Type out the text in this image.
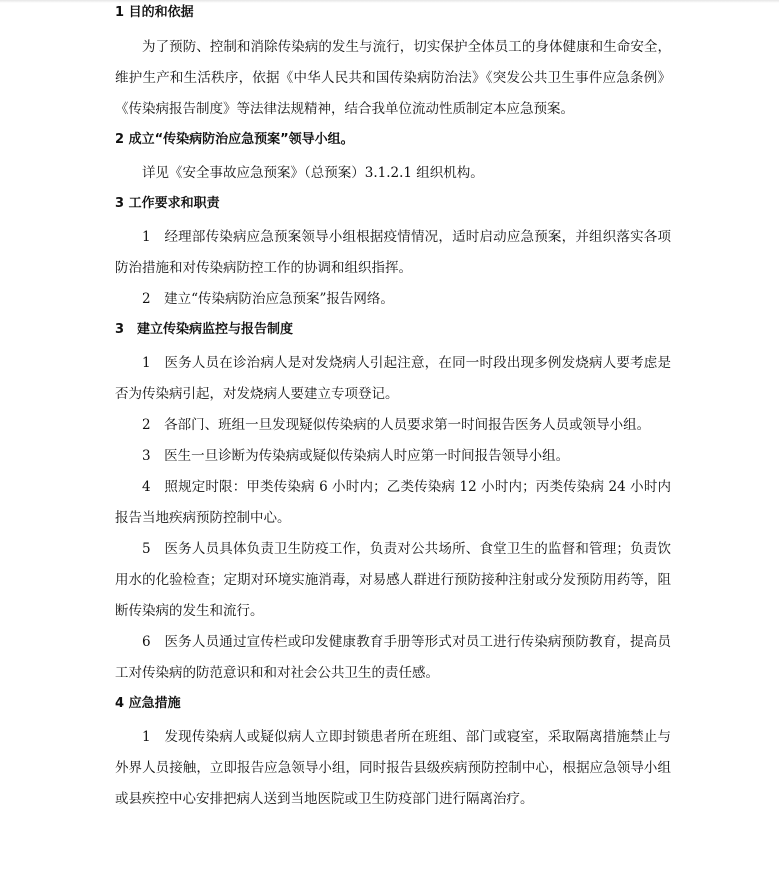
1 目的和依据

为了预防、控制和消除传染病的发生与流行，切实保护全体员工的身体健康和生命安全，维护生产和生活秩序，依据《中华人民共和国传染病防治法》《突发公共卫生事件应急条例》《传染病报告制度》等法律法规精神，结合我单位流动性质制定本应急预案。

2 成立“传染病防治应急预案”领导小组。

详见《安全事故应急预案》（总预案）3.1.2.1 组织机构。

3 工作要求和职责

1　经理部传染病应急预案领导小组根据疫情情况，适时启动应急预案，并组织落实各项防治措施和对传染病防控工作的协调和组织指挥。

2　建立“传染病防治应急预案”报告网络。

3　建立传染病监控与报告制度

1　医务人员在诊治病人是对发烧病人引起注意，在同一时段出现多例发烧病人要考虑是否为传染病引起，对发烧病人要建立专项登记。

2　各部门、班组一旦发现疑似传染病的人员要求第一时间报告医务人员或领导小组。

3　医生一旦诊断为传染病或疑似传染病人时应第一时间报告领导小组。

4　照规定时限：甲类传染病 6 小时内；乙类传染病 12 小时内；丙类传染病 24 小时内报告当地疾病预防控制中心。

5　医务人员具体负责卫生防疫工作，负责对公共场所、食堂卫生的监督和管理；负责饮用水的化验检查；定期对环境实施消毒，对易感人群进行预防接种注射或分发预防用药等，阻断传染病的发生和流行。

6　医务人员通过宣传栏或印发健康教育手册等形式对员工进行传染病预防教育，提高员工对传染病的防范意识和和对社会公共卫生的责任感。

4 应急措施

1　发现传染病人或疑似病人立即封锁患者所在班组、部门或寝室，采取隔离措施禁止与外界人员接触，立即报告应急领导小组，同时报告县级疾病预防控制中心，根据应急领导小组或县疾控中心安排把病人送到当地医院或卫生防疫部门进行隔离治疗。
